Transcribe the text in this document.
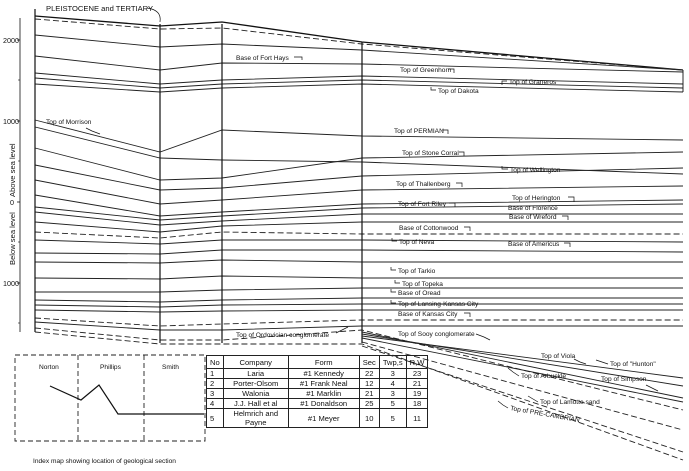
2000
1000
0
1000
Above sea level
Below sea level
PLEISTOCENE and TERTIARY
Base of Fort Hays
Top of Greenhorn
Top of Graneros
Top of Dakota
Top of Morrison
Top of PERMIAN
Top of Stone Corral
Top of Wellington
Top of Thallenberg
Top of Herington
Top of Fort Riley
Base of Florence
Base of Wreford
Base of Cottonwood
Top of Neva	Base of Americus
Top of Tarkio
Top of Topeka
Base of Oread
Top of Lansing-Kansas City
Base of Kansas City
Top of Ordovician conglomerate	Top of Sooy conglomerate
Top of Viola
Top of "Hunton"
Top of Simpson
Top of Arbuckle
Top of Lamotte sand
Top of PRE-CAMBRIAN
Norton	Phillips	Smith
Index map showing location of geological section
No	Company	Form	Sec	Twp,s	R,W
1	Laria	#1 Kennedy	22	3	23
2	Porter-Olsom	#1 Frank Neal	12	4	21
3	Walonia	#1 Marklin	21	3	19
4	J.J. Hall et al	#1 Donaldson	25	5	18
5	Helmrich and Payne	#1 Meyer	10	5	11
